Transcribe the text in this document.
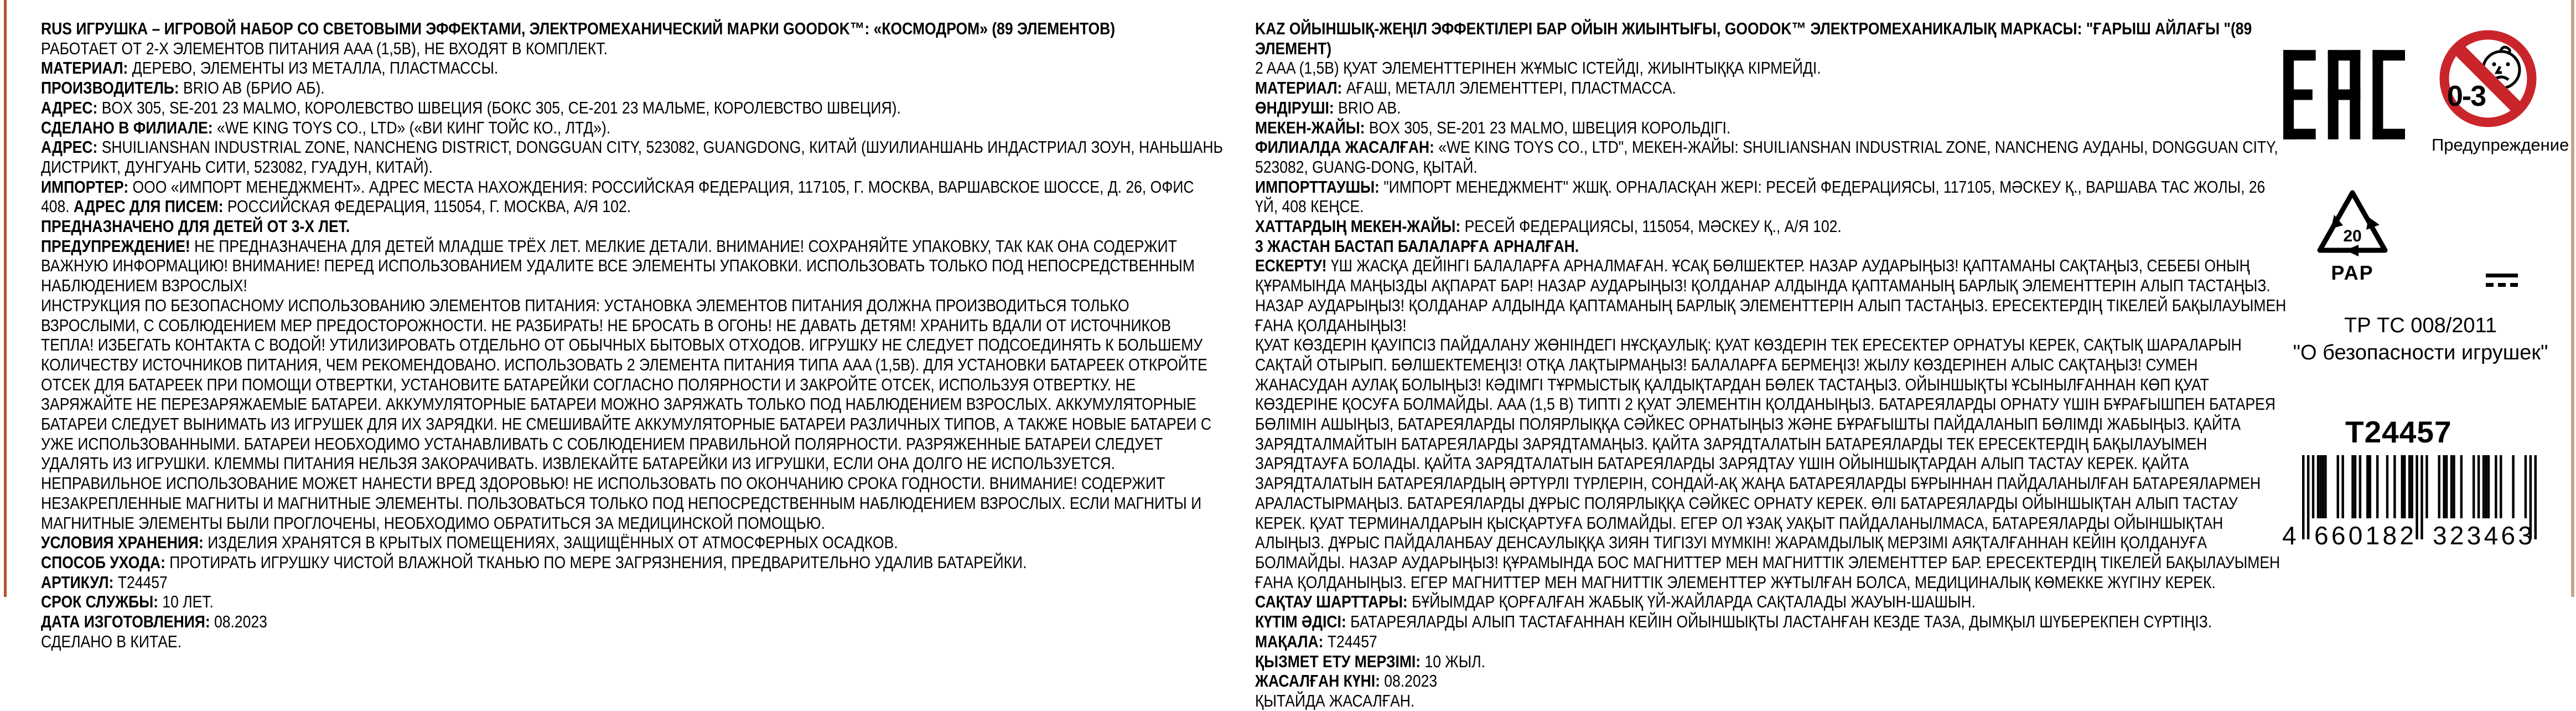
RUS ИГРУШКА – ИГРОВОЙ НАБОР СО СВЕТОВЫМИ ЭФФЕКТАМИ, ЭЛЕКТРОМЕХАНИЧЕСКИЙ МАРКИ GOODOK™: «КОСМОДРОМ» (89 ЭЛЕМЕНТОВ)

РАБОТАЕТ ОТ 2-Х ЭЛЕМЕНТОВ ПИТАНИЯ AAA (1,5В), НЕ ВХОДЯТ В КОМПЛЕКТ.

МАТЕРИАЛ: ДЕРЕВО, ЭЛЕМЕНТЫ ИЗ МЕТАЛЛА, ПЛАСТМАССЫ.

ПРОИЗВОДИТЕЛЬ: BRIO AB (БРИО АБ).

АДРЕС: BOX 305, SE-201 23 MALMO, КОРОЛЕВСТВО ШВЕЦИЯ (БОКС 305, СЕ-201 23 МАЛЬМЕ, КОРОЛЕВСТВО ШВЕЦИЯ).

СДЕЛАНО В ФИЛИАЛЕ: «WE KING TOYS CO., LTD» («ВИ КИНГ ТОЙС КО., ЛТД»).

АДРЕС: SHUILIANSHAN INDUSTRIAL ZONE, NANCHENG DISTRICT, DONGGUAN CITY, 523082, GUANGDONG, КИТАЙ (ШУИЛИАНШАНЬ ИНДАСТРИАЛ ЗОУН, НАНЬШАНЬ ДИСТРИКТ, ДУНГУАНЬ СИТИ, 523082, ГУАДУН, КИТАЙ).

ИМПОРТЕР: ООО «ИМПОРТ МЕНЕДЖМЕНТ». АДРЕС МЕСТА НАХОЖДЕНИЯ: РОССИЙСКАЯ ФЕДЕРАЦИЯ, 117105, Г. МОСКВА, ВАРШАВСКОЕ ШОССЕ, Д. 26, ОФИС 408. АДРЕС ДЛЯ ПИСЕМ: РОССИЙСКАЯ ФЕДЕРАЦИЯ, 115054, Г. МОСКВА, А/Я 102.

ПРЕДНАЗНАЧЕНО ДЛЯ ДЕТЕЙ ОТ 3-Х ЛЕТ.

ПРЕДУПРЕЖДЕНИЕ! НЕ ПРЕДНАЗНАЧЕНА ДЛЯ ДЕТЕЙ МЛАДШЕ ТРЁХ ЛЕТ. МЕЛКИЕ ДЕТАЛИ. ВНИМАНИЕ! СОХРАНЯЙТЕ УПАКОВКУ, ТАК КАК ОНА СОДЕРЖИТ ВАЖНУЮ ИНФОРМАЦИЮ! ВНИМАНИЕ! ПЕРЕД ИСПОЛЬЗОВАНИЕМ УДАЛИТЕ ВСЕ ЭЛЕМЕНТЫ УПАКОВКИ. ИСПОЛЬЗОВАТЬ ТОЛЬКО ПОД НЕПОСРЕДСТВЕННЫМ НАБЛЮДЕНИЕМ ВЗРОСЛЫХ!

ИНСТРУКЦИЯ ПО БЕЗОПАСНОМУ ИСПОЛЬЗОВАНИЮ ЭЛЕМЕНТОВ ПИТАНИЯ: УСТАНОВКА ЭЛЕМЕНТОВ ПИТАНИЯ ДОЛЖНА ПРОИЗВОДИТЬСЯ ТОЛЬКО ВЗРОСЛЫМИ, С СОБЛЮДЕНИЕМ МЕР ПРЕДОСТОРОЖНОСТИ. НЕ РАЗБИРАТЬ! НЕ БРОСАТЬ В ОГОНЬ! НЕ ДАВАТЬ ДЕТЯМ! ХРАНИТЬ ВДАЛИ ОТ ИСТОЧНИКОВ ТЕПЛА! ИЗБЕГАТЬ КОНТАКТА С ВОДОЙ! УТИЛИЗИРОВАТЬ ОТДЕЛЬНО ОТ ОБЫЧНЫХ БЫТОВЫХ ОТХОДОВ. ИГРУШКУ НЕ СЛЕДУЕТ ПОДСОЕДИНЯТЬ К БОЛЬШЕМУ КОЛИЧЕСТВУ ИСТОЧНИКОВ ПИТАНИЯ, ЧЕМ РЕКОМЕНДОВАНО. ИСПОЛЬЗОВАТЬ 2 ЭЛЕМЕНТА ПИТАНИЯ ТИПА AAA (1,5В). ДЛЯ УСТАНОВКИ БАТАРЕЕК ОТКРОЙТЕ ОТСЕК ДЛЯ БАТАРЕЕК ПРИ ПОМОЩИ ОТВЕРТКИ, УСТАНОВИТЕ БАТАРЕЙКИ СОГЛАСНО ПОЛЯРНОСТИ И ЗАКРОЙТЕ ОТСЕК, ИСПОЛЬЗУЯ ОТВЕРТКУ. НЕ ЗАРЯЖАЙТЕ НЕ ПЕРЕЗАРЯЖАЕМЫЕ БАТАРЕИ. АККУМУЛЯТОРНЫЕ БАТАРЕИ МОЖНО ЗАРЯЖАТЬ ТОЛЬКО ПОД НАБЛЮДЕНИЕМ ВЗРОСЛЫХ. АККУМУЛЯТОРНЫЕ БАТАРЕИ СЛЕДУЕТ ВЫНИМАТЬ ИЗ ИГРУШЕК ДЛЯ ИХ ЗАРЯДКИ. НЕ СМЕШИВАЙТЕ АККУМУЛЯТОРНЫЕ БАТАРЕИ РАЗЛИЧНЫХ ТИПОВ, А ТАКЖЕ НОВЫЕ БАТАРЕИ С УЖЕ ИСПОЛЬЗОВАННЫМИ. БАТАРЕИ НЕОБХОДИМО УСТАНАВЛИВАТЬ С СОБЛЮДЕНИЕМ ПРАВИЛЬНОЙ ПОЛЯРНОСТИ. РАЗРЯЖЕННЫЕ БАТАРЕИ СЛЕДУЕТ УДАЛЯТЬ ИЗ ИГРУШКИ. КЛЕММЫ ПИТАНИЯ НЕЛЬЗЯ ЗАКОРАЧИВАТЬ. ИЗВЛЕКАЙТЕ БАТАРЕЙКИ ИЗ ИГРУШКИ, ЕСЛИ ОНА ДОЛГО НЕ ИСПОЛЬЗУЕТСЯ. НЕПРАВИЛЬНОЕ ИСПОЛЬЗОВАНИЕ МОЖЕТ НАНЕСТИ ВРЕД ЗДОРОВЬЮ! НЕ ИСПОЛЬЗОВАТЬ ПО ОКОНЧАНИЮ СРОКА ГОДНОСТИ. ВНИМАНИЕ! СОДЕРЖИТ НЕЗАКРЕПЛЕННЫЕ МАГНИТЫ И МАГНИТНЫЕ ЭЛЕМЕНТЫ. ПОЛЬЗОВАТЬСЯ ТОЛЬКО ПОД НЕПОСРЕДСТВЕННЫМ НАБЛЮДЕНИЕМ ВЗРОСЛЫХ. ЕСЛИ МАГНИТЫ И МАГНИТНЫЕ ЭЛЕМЕНТЫ БЫЛИ ПРОГЛОЧЕНЫ, НЕОБХОДИМО ОБРАТИТЬСЯ ЗА МЕДИЦИНСКОЙ ПОМОЩЬЮ.

УСЛОВИЯ ХРАНЕНИЯ: ИЗДЕЛИЯ ХРАНЯТСЯ В КРЫТЫХ ПОМЕЩЕНИЯХ, ЗАЩИЩЁННЫХ ОТ АТМОСФЕРНЫХ ОСАДКОВ.

СПОСОБ УХОДА: ПРОТИРАТЬ ИГРУШКУ ЧИСТОЙ ВЛАЖНОЙ ТКАНЬЮ ПО МЕРЕ ЗАГРЯЗНЕНИЯ, ПРЕДВАРИТЕЛЬНО УДАЛИВ БАТАРЕЙКИ.

АРТИКУЛ: Т24457

СРОК СЛУЖБЫ: 10 ЛЕТ.

ДАТА ИЗГОТОВЛЕНИЯ: 08.2023

СДЕЛАНО В КИТАЕ.

KAZ ОЙЫНШЫҚ-ЖЕҢІЛ ЭФФЕКТІЛЕРІ БАР ОЙЫН ЖИЫНТЫҒЫ, GOODOK™ ЭЛЕКТРОМЕХАНИКАЛЫҚ МАРКАСЫ: "ҒАРЫШ АЙЛАҒЫ "(89 ЭЛЕМЕНТ)

2 AAA (1,5В) ҚУАТ ЭЛЕМЕНТТЕРІНЕН ЖҰМЫС ІСТЕЙДІ, ЖИЫНТЫҚҚА КІРМЕЙДІ.

МАТЕРИАЛ: АҒАШ, МЕТАЛЛ ЭЛЕМЕНТТЕРІ, ПЛАСТМАССА.

ӨНДІРУШІ: BRIO AB.

МЕКЕН-ЖАЙЫ: BOX 305, SE-201 23 MALMO, ШВЕЦИЯ КОРОЛЬДІГІ.

ФИЛИАЛДА ЖАСАЛҒАН: «WE KING TOYS CO., LTD", МЕКЕН-ЖАЙЫ: SHUILIANSHAN INDUSTRIAL ZONE, NANCHENG АУДАНЫ, DONGGUAN CITY, 523082, GUANG-DONG, ҚЫТАЙ.

ИМПОРТТАУШЫ: "ИМПОРТ МЕНЕДЖМЕНТ" ЖШҚ. ОРНАЛАСҚАН ЖЕРІ: РЕСЕЙ ФЕДЕРАЦИЯСЫ, 117105, МӘСКЕУ Қ., ВАРШАВА ТАС ЖОЛЫ, 26 ҮЙ, 408 КЕҢСЕ.

ХАТТАРДЫҢ МЕКЕН-ЖАЙЫ: РЕСЕЙ ФЕДЕРАЦИЯСЫ, 115054, МӘСКЕУ Қ., А/Я 102.

3 ЖАСТАН БАСТАП БАЛАЛАРҒА АРНАЛҒАН.

ЕСКЕРТУ! ҮШ ЖАСҚА ДЕЙІНГІ БАЛАЛАРҒА АРНАЛМАҒАН. ҰСАҚ БӨЛШЕКТЕР. НАЗАР АУДАРЫҢЫЗ! ҚАПТАМАНЫ САҚТАҢЫЗ, СЕБЕБІ ОНЫҢ ҚҰРАМЫНДА МАҢЫЗДЫ АҚПАРАТ БАР! НАЗАР АУДАРЫҢЫЗ! ҚОЛДАНАР АЛДЫНДА ҚАПТАМАНЫҢ БАРЛЫҚ ЭЛЕМЕНТТЕРІН АЛЫП ТАСТАҢЫЗ. НАЗАР АУДАРЫҢЫЗ! ҚОЛДАНАР АЛДЫНДА ҚАПТАМАНЫҢ БАРЛЫҚ ЭЛЕМЕНТТЕРІН АЛЫП ТАСТАҢЫЗ. ЕРЕСЕКТЕРДІҢ ТІКЕЛЕЙ БАҚЫЛАУЫМЕН ҒАНА ҚОЛДАНЫҢЫЗ!

ҚУАТ КӨЗДЕРІН ҚАУІПСІЗ ПАЙДАЛАНУ ЖӨНІНДЕГІ НҰСҚАУЛЫҚ: ҚУАТ КӨЗДЕРІН ТЕК ЕРЕСЕКТЕР ОРНАТУЫ КЕРЕК, САҚТЫҚ ШАРАЛАРЫН САҚТАЙ ОТЫРЫП. БӨЛШЕКТЕМЕҢІЗ! ОТҚА ЛАҚТЫРМАҢЫЗ! БАЛАЛАРҒА БЕРМЕҢІЗ! ЖЫЛУ КӨЗДЕРІНЕН АЛЫС САҚТАҢЫЗ! СУМЕН ЖАНАСУДАН АУЛАҚ БОЛЫҢЫЗ! КӘДІМГІ ТҰРМЫСТЫҚ ҚАЛДЫҚТАРДАН БӨЛЕК ТАСТАҢЫЗ. ОЙЫНШЫҚТЫ ҰСЫНЫЛҒАННАН КӨП ҚУАТ КӨЗДЕРІНЕ ҚОСУҒА БОЛМАЙДЫ. AAA (1,5 В) ТИПТІ 2 ҚУАТ ЭЛЕМЕНТІН ҚОЛДАНЫҢЫЗ. БАТАРЕЯЛАРДЫ ОРНАТУ ҮШІН БҰРАҒЫШПЕН БАТАРЕЯ БӨЛІМІН АШЫҢЫЗ, БАТАРЕЯЛАРДЫ ПОЛЯРЛЫҚҚА СӘЙКЕС ОРНАТЫҢЫЗ ЖӘНЕ БҰРАҒЫШТЫ ПАЙДАЛАНЫП БӨЛІМДІ ЖАБЫҢЫЗ. ҚАЙТА ЗАРЯДТАЛМАЙТЫН БАТАРЕЯЛАРДЫ ЗАРЯДТАМАҢЫЗ. ҚАЙТА ЗАРЯДТАЛАТЫН БАТАРЕЯЛАРДЫ ТЕК ЕРЕСЕКТЕРДІҢ БАҚЫЛАУЫМЕН ЗАРЯДТАУҒА БОЛАДЫ. ҚАЙТА ЗАРЯДТАЛАТЫН БАТАРЕЯЛАРДЫ ЗАРЯДТАУ ҮШІН ОЙЫНШЫҚТАРДАН АЛЫП ТАСТАУ КЕРЕК. ҚАЙТА ЗАРЯДТАЛАТЫН БАТАРЕЯЛАРДЫҢ ӘРТҮРЛІ ТҮРЛЕРІН, СОНДАЙ-АҚ ЖАҢА БАТАРЕЯЛАРДЫ БҰРЫННАН ПАЙДАЛАНЫЛҒАН БАТАРЕЯЛАРМЕН АРАЛАСТЫРМАҢЫЗ. БАТАРЕЯЛАРДЫ ДҰРЫС ПОЛЯРЛЫҚҚА СӘЙКЕС ОРНАТУ КЕРЕК. ӨЛІ БАТАРЕЯЛАРДЫ ОЙЫНШЫҚТАН АЛЫП ТАСТАУ КЕРЕК. ҚУАТ ТЕРМИНАЛДАРЫН ҚЫСҚАРТУҒА БОЛМАЙДЫ. ЕГЕР ОЛ ҰЗАҚ УАҚЫТ ПАЙДАЛАНЫЛМАСА, БАТАРЕЯЛАРДЫ ОЙЫНШЫҚТАН АЛЫҢЫЗ. ДҰРЫС ПАЙДАЛАНБАУ ДЕНСАУЛЫҚҚА ЗИЯН ТИГІЗУІ МҮМКІН! ЖАРАМДЫЛЫҚ МЕРЗІМІ АЯҚТАЛҒАННАН КЕЙІН ҚОЛДАНУҒА БОЛМАЙДЫ. НАЗАР АУДАРЫҢЫЗ! ҚҰРАМЫНДА БОС МАГНИТТЕР МЕН МАГНИТТІК ЭЛЕМЕНТТЕР БАР. ЕРЕСЕКТЕРДІҢ ТІКЕЛЕЙ БАҚЫЛАУЫМЕН ҒАНА ҚОЛДАНЫҢЫЗ. ЕГЕР МАГНИТТЕР МЕН МАГНИТТІК ЭЛЕМЕНТТЕР ЖҰТЫЛҒАН БОЛСА, МЕДИЦИНАЛЫҚ КӨМЕККЕ ЖҮГІНУ КЕРЕК.

САҚТАУ ШАРТТАРЫ: БҰЙЫМДАР ҚОРҒАЛҒАН ЖАБЫҚ ҮЙ-ЖАЙЛАРДА САҚТАЛАДЫ ЖАУЫН-ШАШЫН.

КҮТІМ ӘДІСІ: БАТАРЕЯЛАРДЫ АЛЫП ТАСТАҒАННАН КЕЙІН ОЙЫНШЫҚТЫ ЛАСТАНҒАН КЕЗДЕ ТАЗА, ДЫМҚЫЛ ШҮБЕРЕКПЕН СҮРТІҢІЗ.

МАҚАЛА: Т24457

ҚЫЗМЕТ ЕТУ МЕРЗІМІ: 10 ЖЫЛ.

ЖАСАЛҒАН КҮНІ: 08.2023

ҚЫТАЙДА ЖАСАЛҒАН.

0-3
Предупреждение
20
PAP
ТР ТС 008/2011
"О безопасности игрушек"
Т24457
4 6 6 0 1 8 2 3 2 3 4 6 3
